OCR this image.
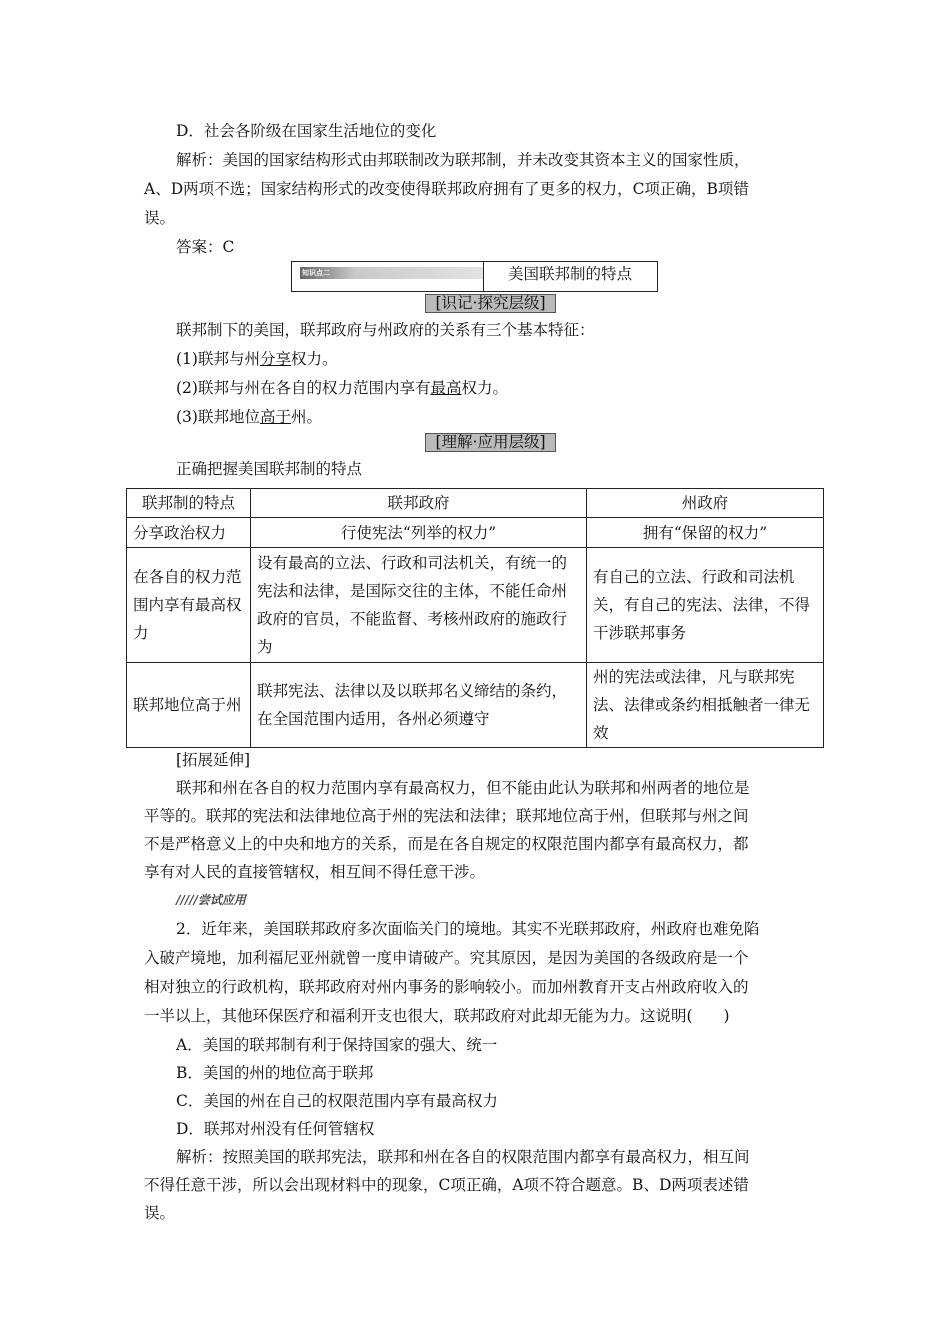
D．社会各阶级在国家生活地位的变化

解析：美国的国家结构形式由邦联制改为联邦制，并未改变其资本主义的国家性质，

A、D两项不选；国家结构形式的改变使得联邦政府拥有了更多的权力，C项正确，B项错

误。

答案：C

知识点二	美国联邦制的特点
[识记·探究层级]

联邦制下的美国，联邦政府与州政府的关系有三个基本特征：

(1)联邦与州分享权力。

(2)联邦与州在各自的权力范围内享有最高权力。

(3)联邦地位高于州。

[理解·应用层级]

正确把握美国联邦制的特点

联邦制的特点	联邦政府	州政府
分享政治权力	行使宪法“列举的权力”	拥有“保留的权力”
在各自的权力范围内享有最高权力	设有最高的立法、行政和司法机关，有统一的宪法和法律，是国际交往的主体，不能任命州政府的官员，不能监督、考核州政府的施政行为	有自己的立法、行政和司法机关，有自己的宪法、法律，不得干涉联邦事务
联邦地位高于州	联邦宪法、法律以及以联邦名义缔结的条约，在全国范围内适用，各州必须遵守	州的宪法或法律，凡与联邦宪法、法律或条约相抵触者一律无效

[拓展延伸]

联邦和州在各自的权力范围内享有最高权力，但不能由此认为联邦和州两者的地位是

平等的。联邦的宪法和法律地位高于州的宪法和法律；联邦地位高于州，但联邦与州之间

不是严格意义上的中央和地方的关系，而是在各自规定的权限范围内都享有最高权力，都

享有对人民的直接管辖权，相互间不得任意干涉。

/////尝试应用

2．近年来，美国联邦政府多次面临关门的境地。其实不光联邦政府，州政府也难免陷

入破产境地，加利福尼亚州就曾一度申请破产。究其原因，是因为美国的各级政府是一个

相对独立的行政机构，联邦政府对州内事务的影响较小。而加州教育开支占州政府收入的

一半以上，其他环保医疗和福利开支也很大，联邦政府对此却无能为力。这说明(　　)

A．美国的联邦制有利于保持国家的强大、统一

B．美国的州的地位高于联邦

C．美国的州在自己的权限范围内享有最高权力

D．联邦对州没有任何管辖权

解析：按照美国的联邦宪法，联邦和州在各自的权限范围内都享有最高权力，相互间

不得任意干涉，所以会出现材料中的现象，C项正确，A项不符合题意。B、D两项表述错

误。
